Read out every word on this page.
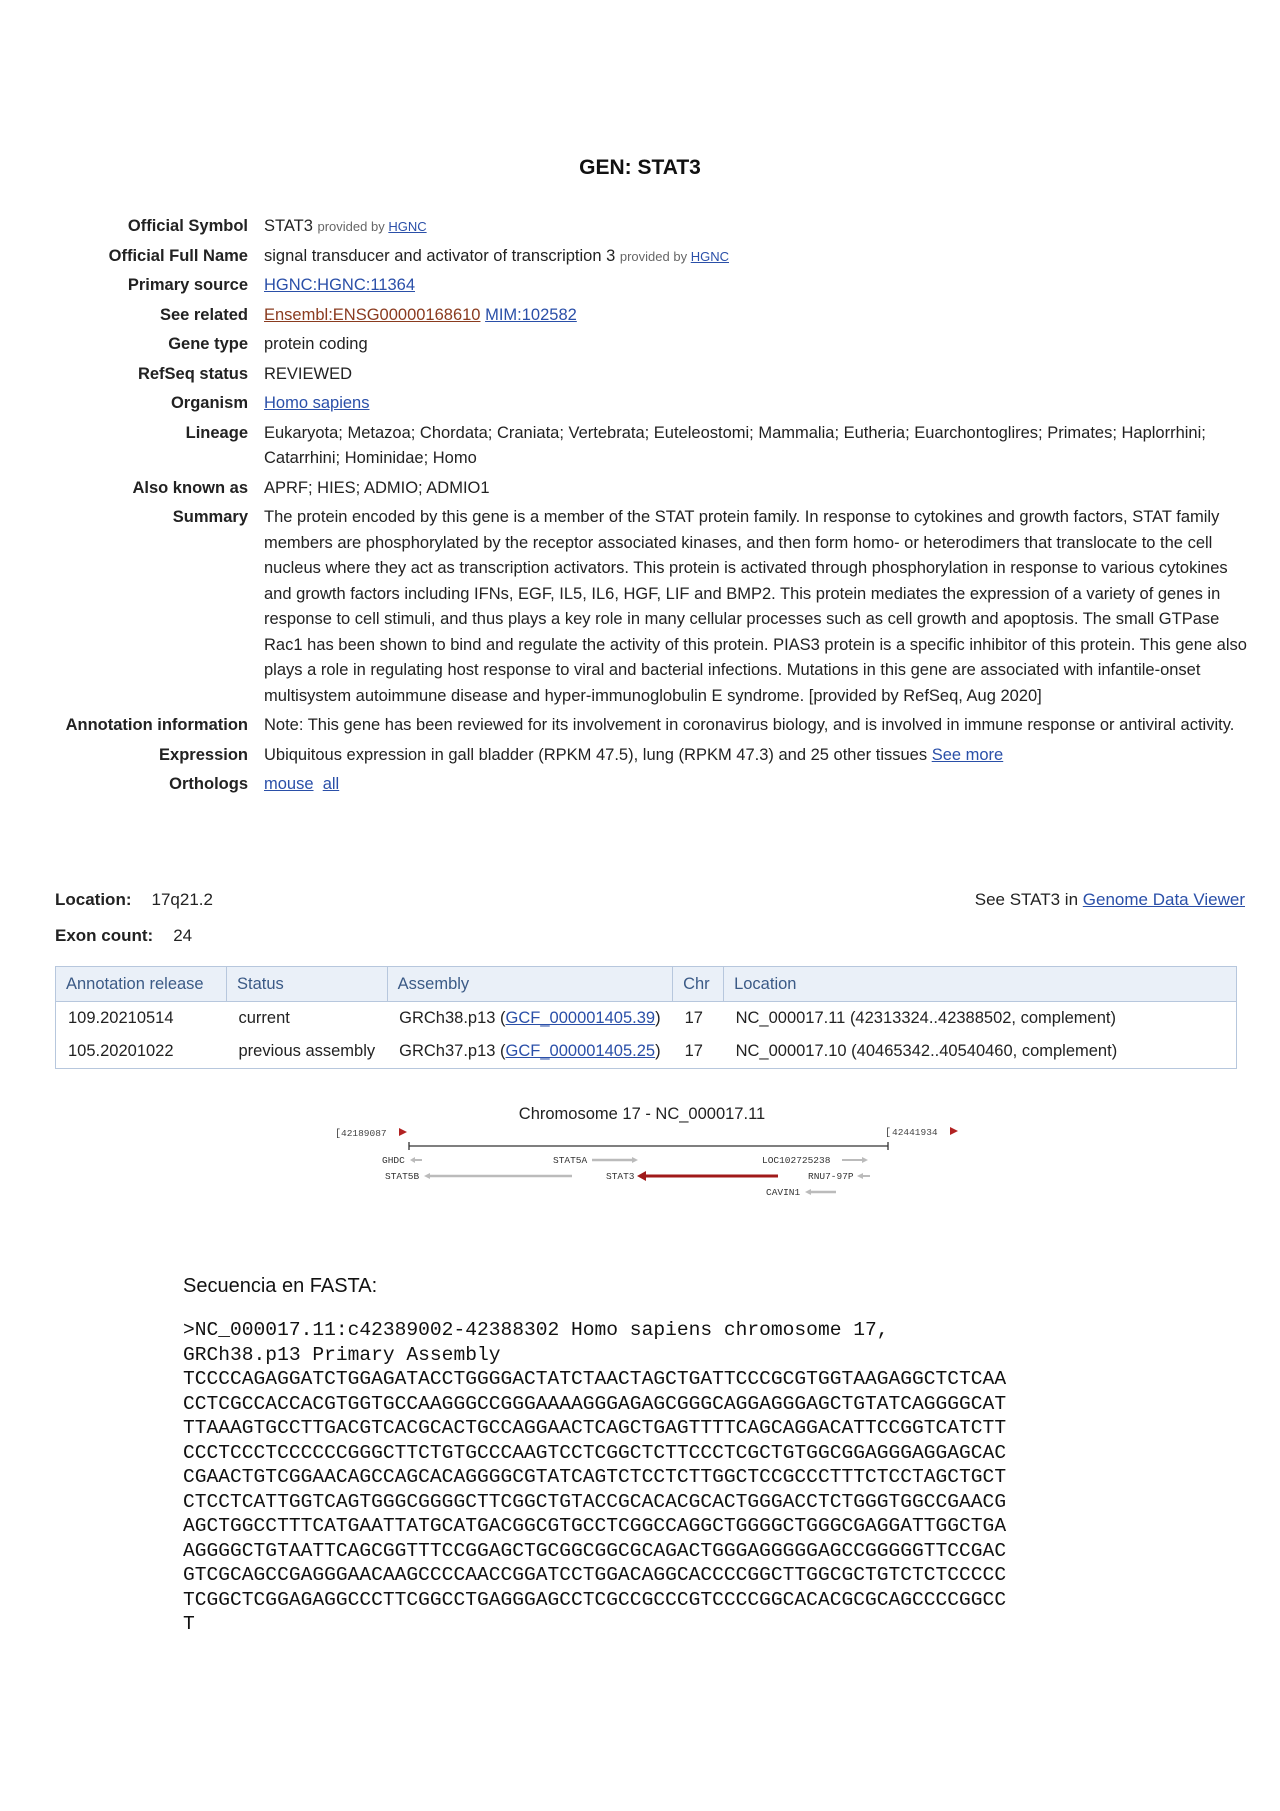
GEN: STAT3
Official Symbol	STAT3 provided by HGNC
Official Full Name	signal transducer and activator of transcription 3 provided by HGNC
Primary source	HGNC:HGNC:11364
See related	Ensembl:ENSG00000168610 MIM:102582
Gene type	protein coding
RefSeq status	REVIEWED
Organism	Homo sapiens
Lineage	Eukaryota; Metazoa; Chordata; Craniata; Vertebrata; Euteleostomi; Mammalia; Eutheria; Euarchontoglires; Primates; Haplorrhini; Catarrhini; Hominidae; Homo
Also known as	APRF; HIES; ADMIO; ADMIO1
Summary	The protein encoded by this gene is a member of the STAT protein family. In response to cytokines and growth factors, STAT family members are phosphorylated by the receptor associated kinases, and then form homo- or heterodimers that translocate to the cell nucleus where they act as transcription activators. This protein is activated through phosphorylation in response to various cytokines and growth factors including IFNs, EGF, IL5, IL6, HGF, LIF and BMP2. This protein mediates the expression of a variety of genes in response to cell stimuli, and thus plays a key role in many cellular processes such as cell growth and apoptosis. The small GTPase Rac1 has been shown to bind and regulate the activity of this protein. PIAS3 protein is a specific inhibitor of this protein. This gene also plays a role in regulating host response to viral and bacterial infections. Mutations in this gene are associated with infantile-onset multisystem autoimmune disease and hyper-immunoglobulin E syndrome. [provided by RefSeq, Aug 2020]
Annotation information	Note: This gene has been reviewed for its involvement in coronavirus biology, and is involved in immune response or antiviral activity.
Expression	Ubiquitous expression in gall bladder (RPKM 47.5), lung (RPKM 47.3) and 25 other tissues See more
Orthologs	mouse all
Location: 17q21.2
Exon count: 24
See STAT3 in Genome Data Viewer
Annotation release	Status	Assembly	Chr	Location
109.20210514	current	GRCh38.p13 (GCF_000001405.39)	17	NC_000017.11 (42313324..42388502, complement)
105.20201022	previous assembly	GRCh37.p13 (GCF_000001405.25)	17	NC_000017.10 (40465342..40540460, complement)
Chromosome 17 - NC_000017.11
[ 42189087	[ 42441934
GHDC
STAT5B
STAT5A
STAT3
LOC102725238
RNU7-97P
CAVIN1
Secuencia en FASTA:
>NC_000017.11:c42389002-42388302 Homo sapiens chromosome 17,
GRCh38.p13 Primary Assembly
TCCCCAGAGGATCTGGAGATACCTGGGGACTATCTAACTAGCTGATTCCCGCGTGGTAAGAGGCTCTCAA
CCTCGCCACCACGTGGTGCCAAGGGCCGGGAAAAGGGAGAGCGGGCAGGAGGGAGCTGTATCAGGGGCAT
TTAAAGTGCCTTGACGTCACGCACTGCCAGGAACTCAGCTGAGTTTTCAGCAGGACATTCCGGTCATCTT
CCCTCCCTCCCCCCGGGCTTCTGTGCCCAAGTCCTCGGCTCTTCCCTCGCTGTGGCGGAGGGAGGAGCAC
CGAACTGTCGGAACAGCCAGCACAGGGGCGTATCAGTCTCCTCTTGGCTCCGCCCTTTCTCCTAGCTGCT
CTCCTCATTGGTCAGTGGGCGGGGCTTCGGCTGTACCGCACACGCACTGGGACCTCTGGGTGGCCGAACG
AGCTGGCCTTTCATGAATTATGCATGACGGCGTGCCTCGGCCAGGCTGGGGCTGGGCGAGGATTGGCTGA
AGGGGCTGTAATTCAGCGGTTTCCGGAGCTGCGGCGGCGCAGACTGGGAGGGGGAGCCGGGGGTTCCGAC
GTCGCAGCCGAGGGAACAAGCCCCAACCGGATCCTGGACAGGCACCCCGGCTTGGCGCTGTCTCTCCCCC
TCGGCTCGGAGAGGCCCTTCGGCCTGAGGGAGCCTCGCCGCCCGTCCCCGGCACACGCGCAGCCCCGGCC
T
